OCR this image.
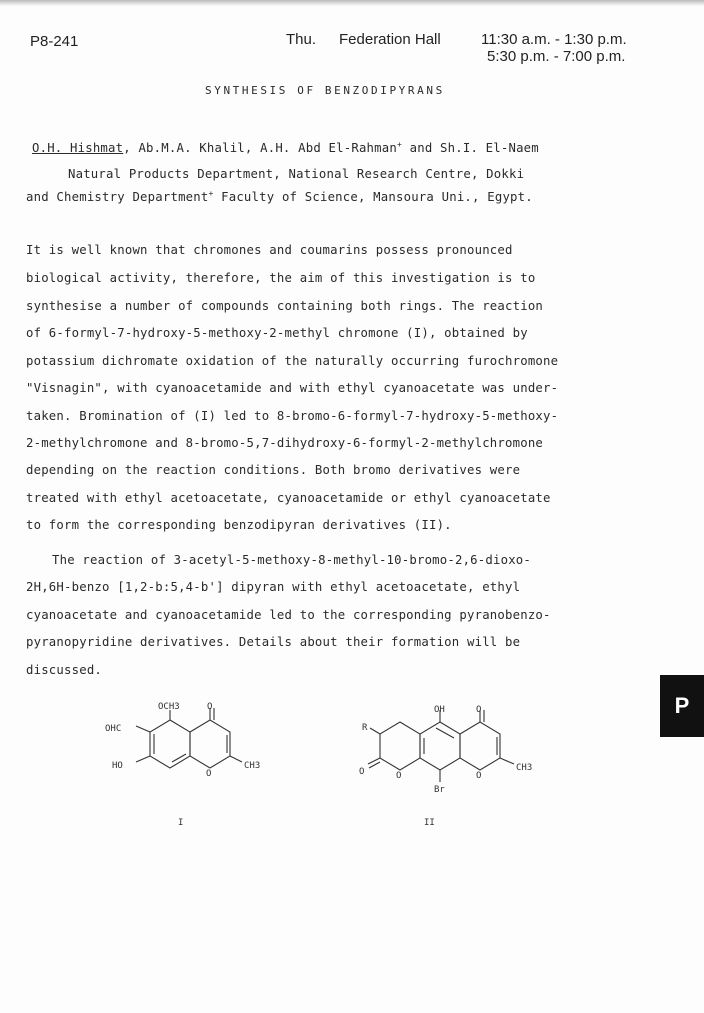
P8-241	Thu. Federation Hall	11:30 a.m. - 1:30 p.m.
5:30 p.m. - 7:00 p.m.
SYNTHESIS OF BENZODIPYRANS
O.H. Hishmat, Ab.M.A. Khalil, A.H. Abd El-Rahman+ and Sh.I. El-Naem
Natural Products Department, National Research Centre, Dokki
and Chemistry Department+ Faculty of Science, Mansoura Uni., Egypt.
It is well known that chromones and coumarins possess pronounced
biological activity, therefore, the aim of this investigation is to
synthesise a number of compounds containing both rings. The reaction
of 6-formyl-7-hydroxy-5-methoxy-2-methyl chromone (I), obtained by
potassium dichromate oxidation of the naturally occurring furochromone
"Visnagin", with cyanoacetamide and with ethyl cyanoacetate was under-
taken. Bromination of (I) led to 8-bromo-6-formyl-7-hydroxy-5-methoxy-
2-methylchromone and 8-bromo-5,7-dihydroxy-6-formyl-2-methylchromone
depending on the reaction conditions. Both bromo derivatives were
treated with ethyl acetoacetate, cyanoacetamide or ethyl cyanoacetate
to form the corresponding benzodipyran derivatives (II).
The reaction of 3-acetyl-5-methoxy-8-methyl-10-bromo-2,6-dioxo-
2H,6H-benzo [1,2-b:5,4-b'] dipyran with ethyl acetoacetate, ethyl
cyanoacetate and cyanoacetamide led to the corresponding pyranobenzo-
pyranopyridine derivatives. Details about their formation will be
discussed.
P
OCH3	O
OHC
HO
O
CH3
I
OH	O
R
O	O	O
Br
CH3
II
